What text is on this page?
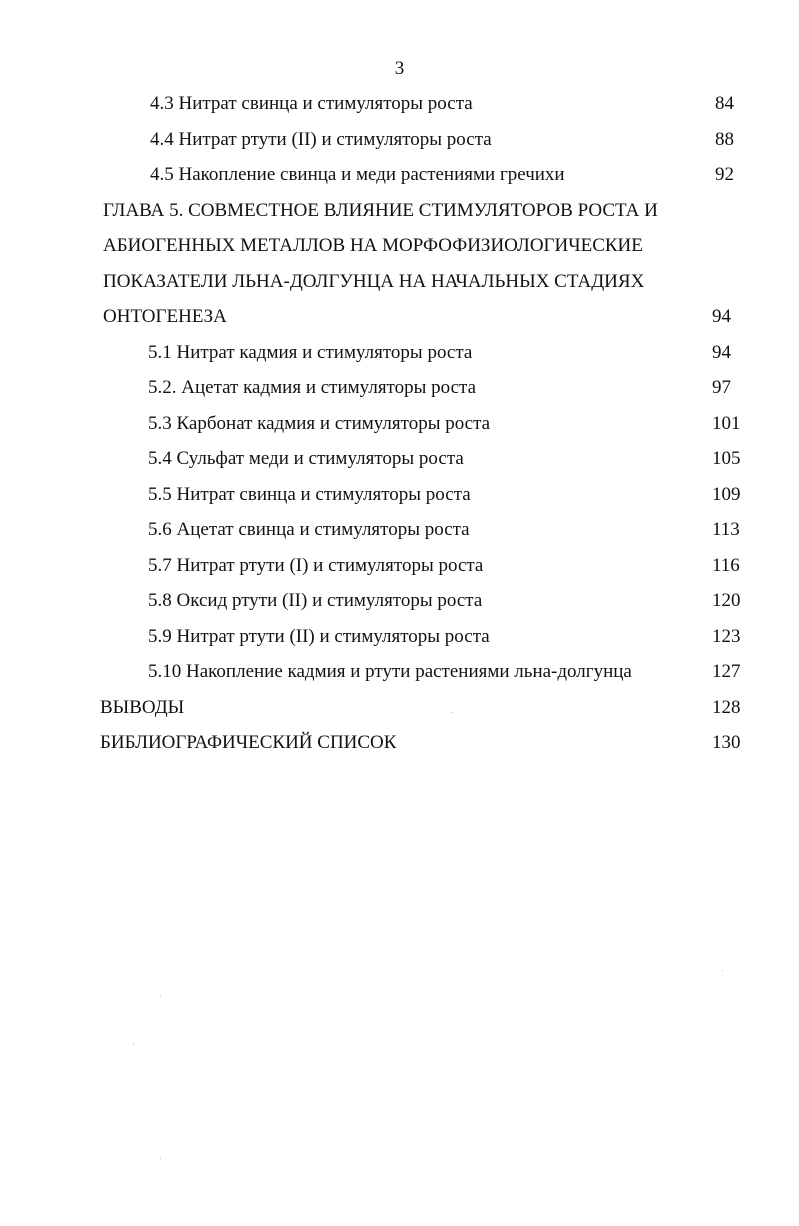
3
4.3 Нитрат свинца и стимуляторы роста	84
4.4 Нитрат ртути (II) и стимуляторы роста	88
4.5 Накопление свинца и меди растениями гречихи	92
ГЛАВА 5. СОВМЕСТНОЕ ВЛИЯНИЕ СТИМУЛЯТОРОВ РОСТА И
АБИОГЕННЫХ МЕТАЛЛОВ НА МОРФОФИЗИОЛОГИЧЕСКИЕ
ПОКАЗАТЕЛИ ЛЬНА-ДОЛГУНЦА НА НАЧАЛЬНЫХ СТАДИЯХ
ОНТОГЕНЕЗА	94
5.1 Нитрат кадмия и стимуляторы роста	94
5.2. Ацетат кадмия и стимуляторы роста	97
5.3 Карбонат кадмия и стимуляторы роста	101
5.4 Сульфат меди и стимуляторы роста	105
5.5 Нитрат свинца и стимуляторы роста	109
5.6 Ацетат свинца и стимуляторы роста	113
5.7 Нитрат ртути (I) и стимуляторы роста	116
5.8 Оксид ртути (II) и стимуляторы роста	120
5.9 Нитрат ртути (II) и стимуляторы роста	123
5.10 Накопление кадмия и ртути растениями льна-долгунца	127
ВЫВОДЫ	128
БИБЛИОГРАФИЧЕСКИЙ СПИСОК	130
